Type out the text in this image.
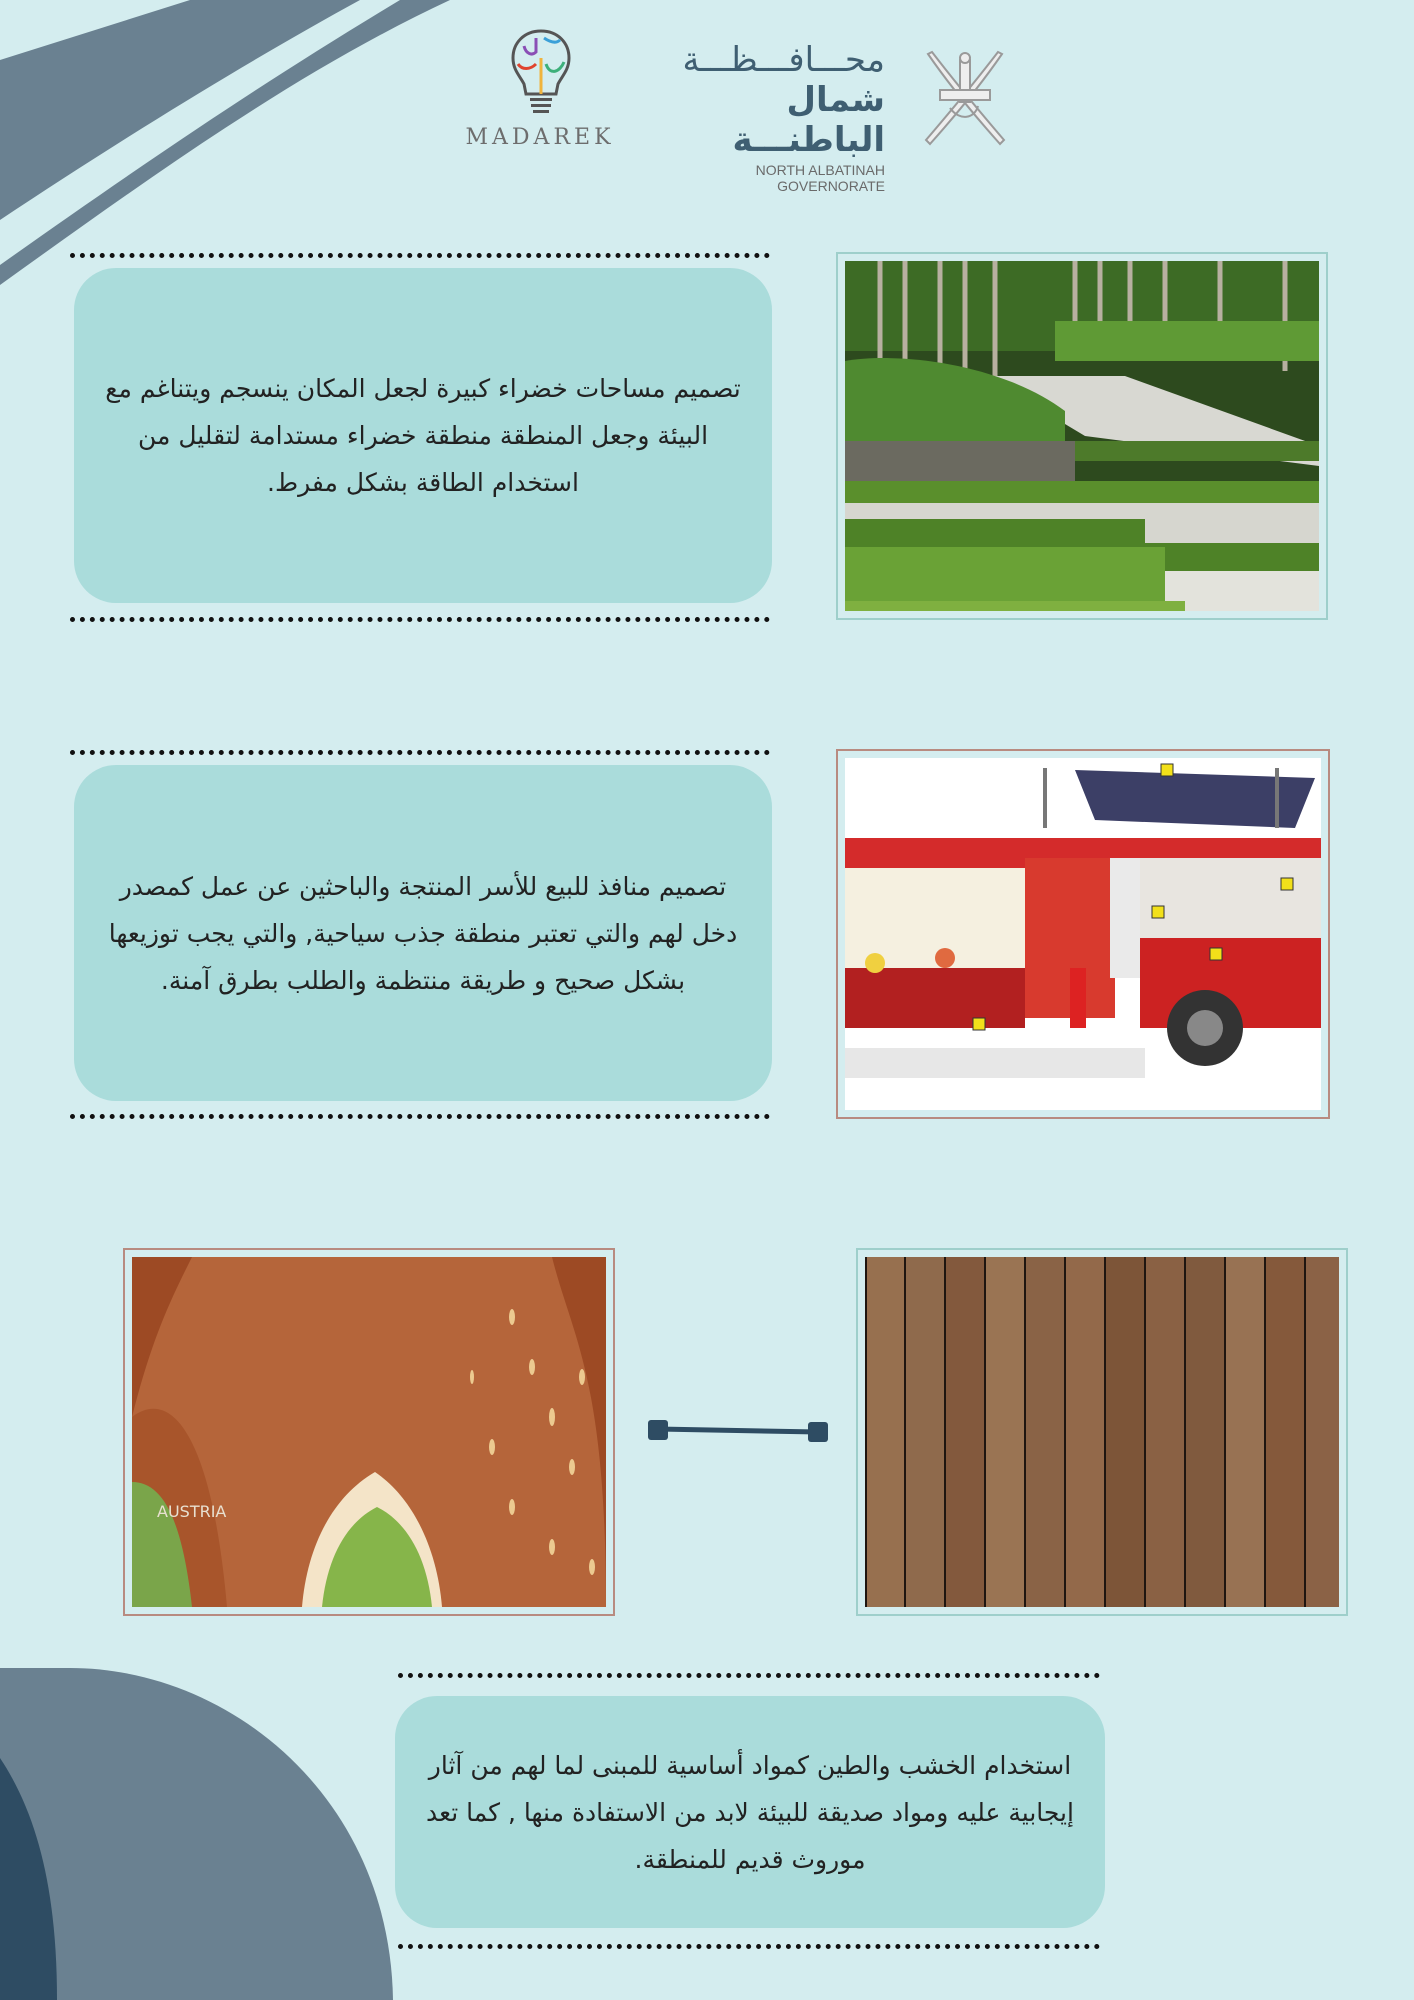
MADAREK
محـــافـــظـــة
شمال الباطنـــة
NORTH ALBATINAH GOVERNORATE
تصميم مساحات خضراء كبيرة لجعل المكان ينسجم ويتناغم مع البيئة وجعل المنطقة منطقة خضراء مستدامة لتقليل من استخدام الطاقة بشكل مفرط.
تصميم منافذ للبيع للأسر المنتجة والباحثين عن عمل كمصدر دخل لهم والتي تعتبر منطقة جذب سياحية, والتي يجب توزيعها بشكل صحيح و طريقة منتظمة والطلب بطرق آمنة.
AUSTRIA
استخدام الخشب والطين كمواد أساسية للمبنى لما لهم من آثار إيجابية عليه ومواد صديقة للبيئة لابد من الاستفادة منها , كما تعد موروث قديم للمنطقة.
